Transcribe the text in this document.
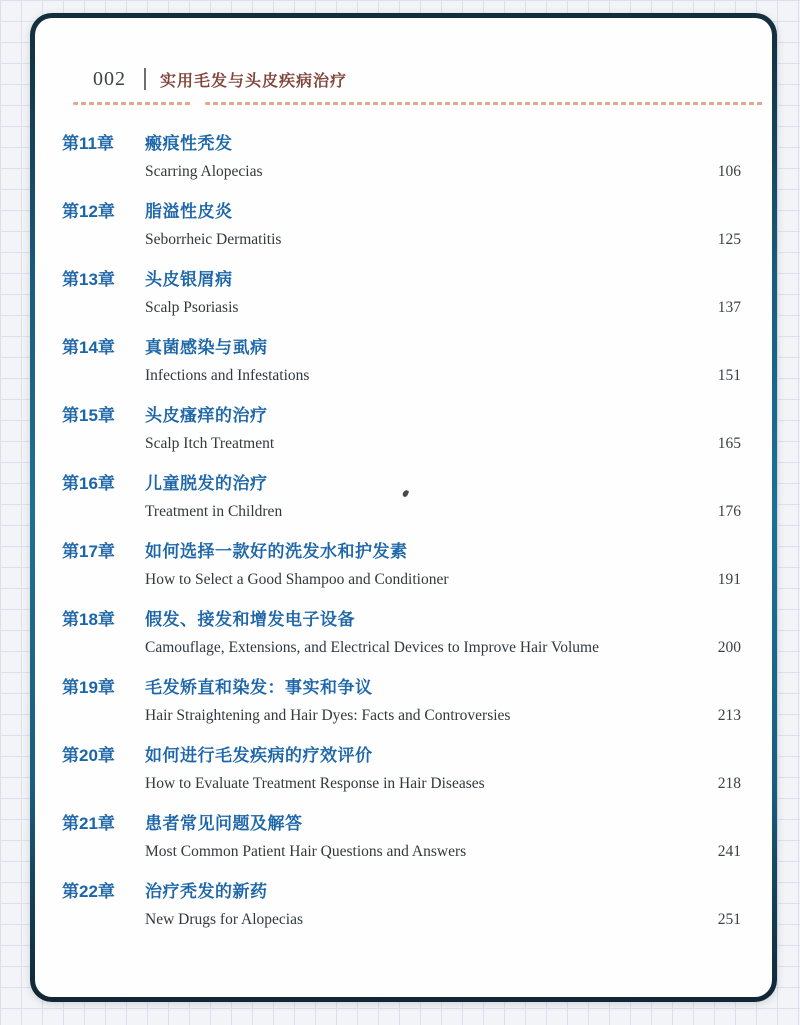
002 实用毛发与头皮疾病治疗
第11章	瘢痕性秃发
Scarring Alopecias	106
第12章	脂溢性皮炎
Seborrheic Dermatitis	125
第13章	头皮银屑病
Scalp Psoriasis	137
第14章	真菌感染与虱病
Infections and Infestations	151
第15章	头皮瘙痒的治疗
Scalp Itch Treatment	165
第16章	儿童脱发的治疗
Treatment in Children	176
第17章	如何选择一款好的洗发水和护发素
How to Select a Good Shampoo and Conditioner	191
第18章	假发、接发和增发电子设备
Camouflage, Extensions, and Electrical Devices to Improve Hair Volume	200
第19章	毛发矫直和染发：事实和争议
Hair Straightening and Hair Dyes: Facts and Controversies	213
第20章	如何进行毛发疾病的疗效评价
How to Evaluate Treatment Response in Hair Diseases	218
第21章	患者常见问题及解答
Most Common Patient Hair Questions and Answers	241
第22章	治疗秃发的新药
New Drugs for Alopecias	251
